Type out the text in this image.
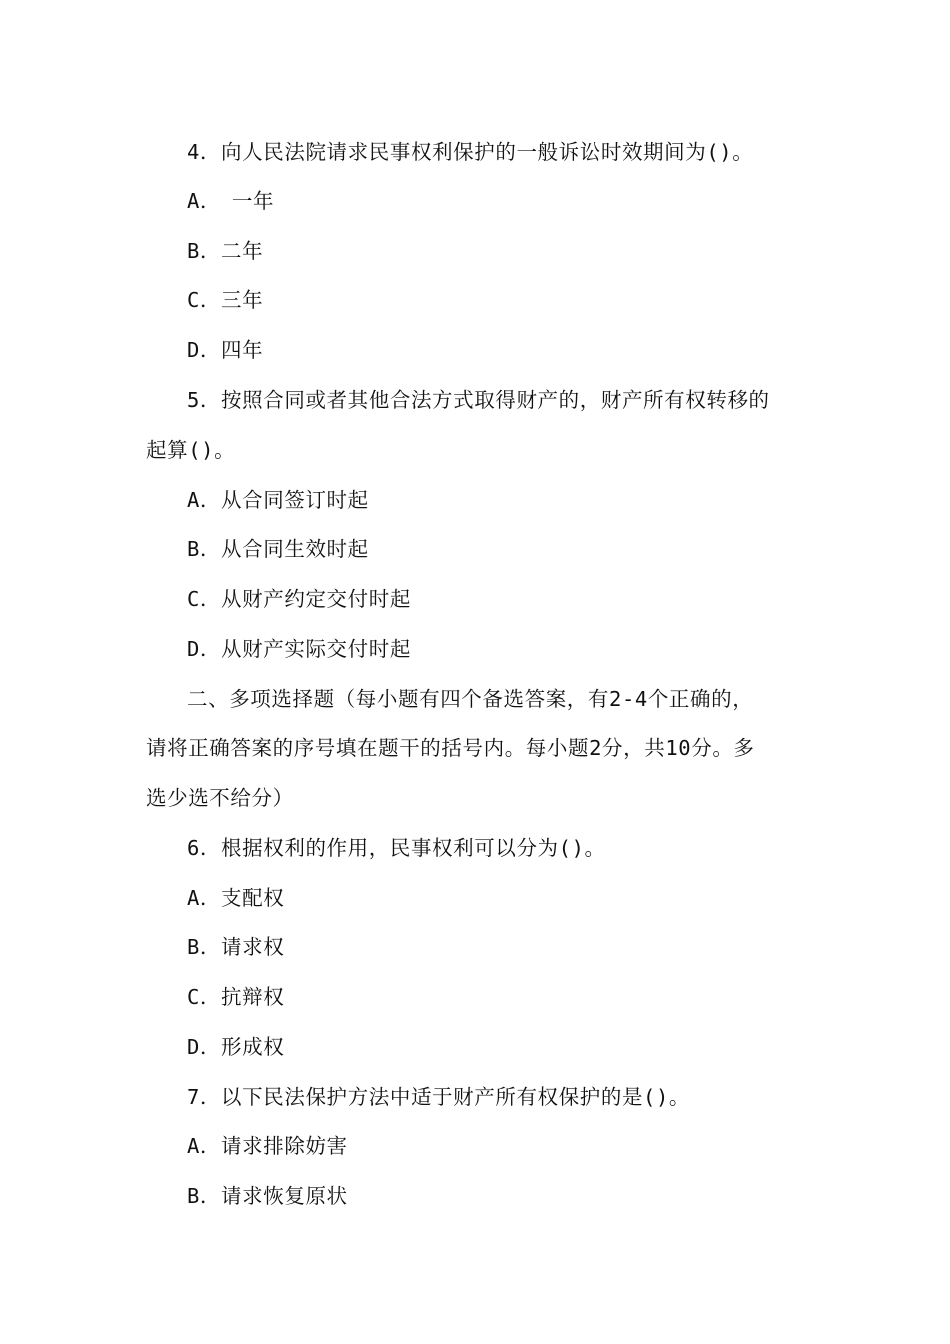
4．向人民法院请求民事权利保护的一般诉讼时效期间为()。
A．　一年
B．二年
C．三年
D．四年
5．按照合同或者其他合法方式取得财产的，财产所有权转移的
起算()。
A．从合同签订时起
B．从合同生效时起
C．从财产约定交付时起
D．从财产实际交付时起
二、多项选择题（每小题有四个备选答案，有2-4个正确的，
请将正确答案的序号填在题干的括号内。每小题2分，共10分。多
选少选不给分）
6．根据权利的作用，民事权利可以分为()。
A．支配权
B．请求权
C．抗辩权
D．形成权
7．以下民法保护方法中适于财产所有权保护的是()。
A．请求排除妨害
B．请求恢复原状
